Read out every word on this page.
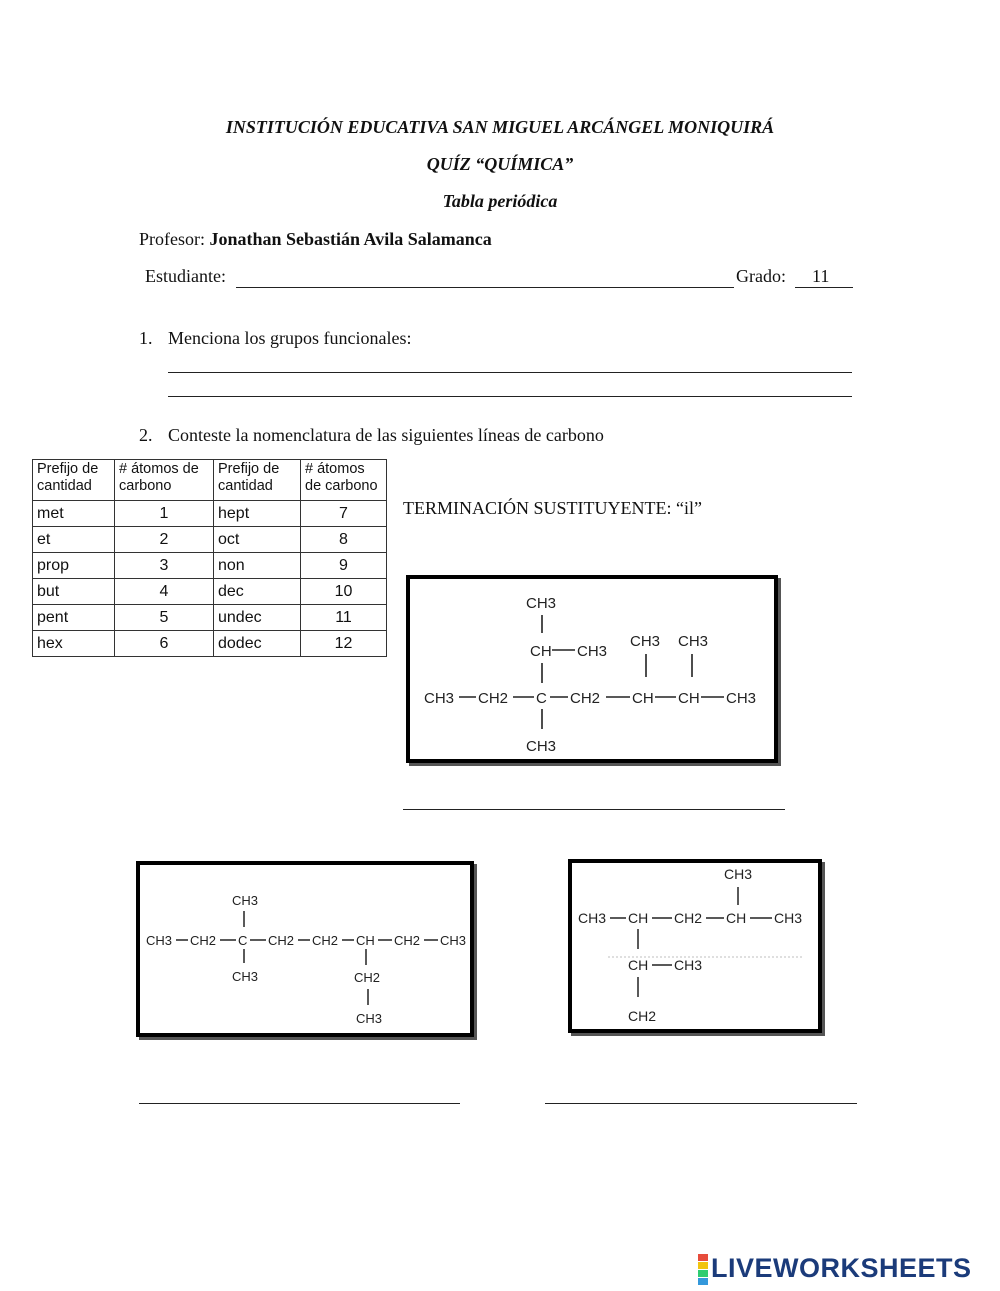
INSTITUCIÓN EDUCATIVA SAN MIGUEL ARCÁNGEL MONIQUIRÁ
QUÍZ “QUÍMICA”
Tabla periódica
Profesor: Jonathan Sebastián Avila Salamanca
Estudiante:	Grado: 11
1. Menciona los grupos funcionales:
2. Conteste la nomenclatura de las siguientes líneas de carbono
Prefijo de cantidad	# átomos de carbono	Prefijo de cantidad	# átomos de carbono
met	1	hept	7
et	2	oct	8
prop	3	non	9
but	4	dec	10
pent	5	undec	11
hex	6	dodec	12
TERMINACIÓN SUSTITUYENTE: “il”
CH3
CH CH3
CH3 CH3
CH3 CH2 C CH2 CH CH CH3
CH3
CH3
CH3 CH2 C CH2 CH2 CH CH2 CH3
CH3	CH2
CH3
CH3
CH3 CH CH2 CH CH3
CH CH3
CH2
LIVEWORKSHEETS
